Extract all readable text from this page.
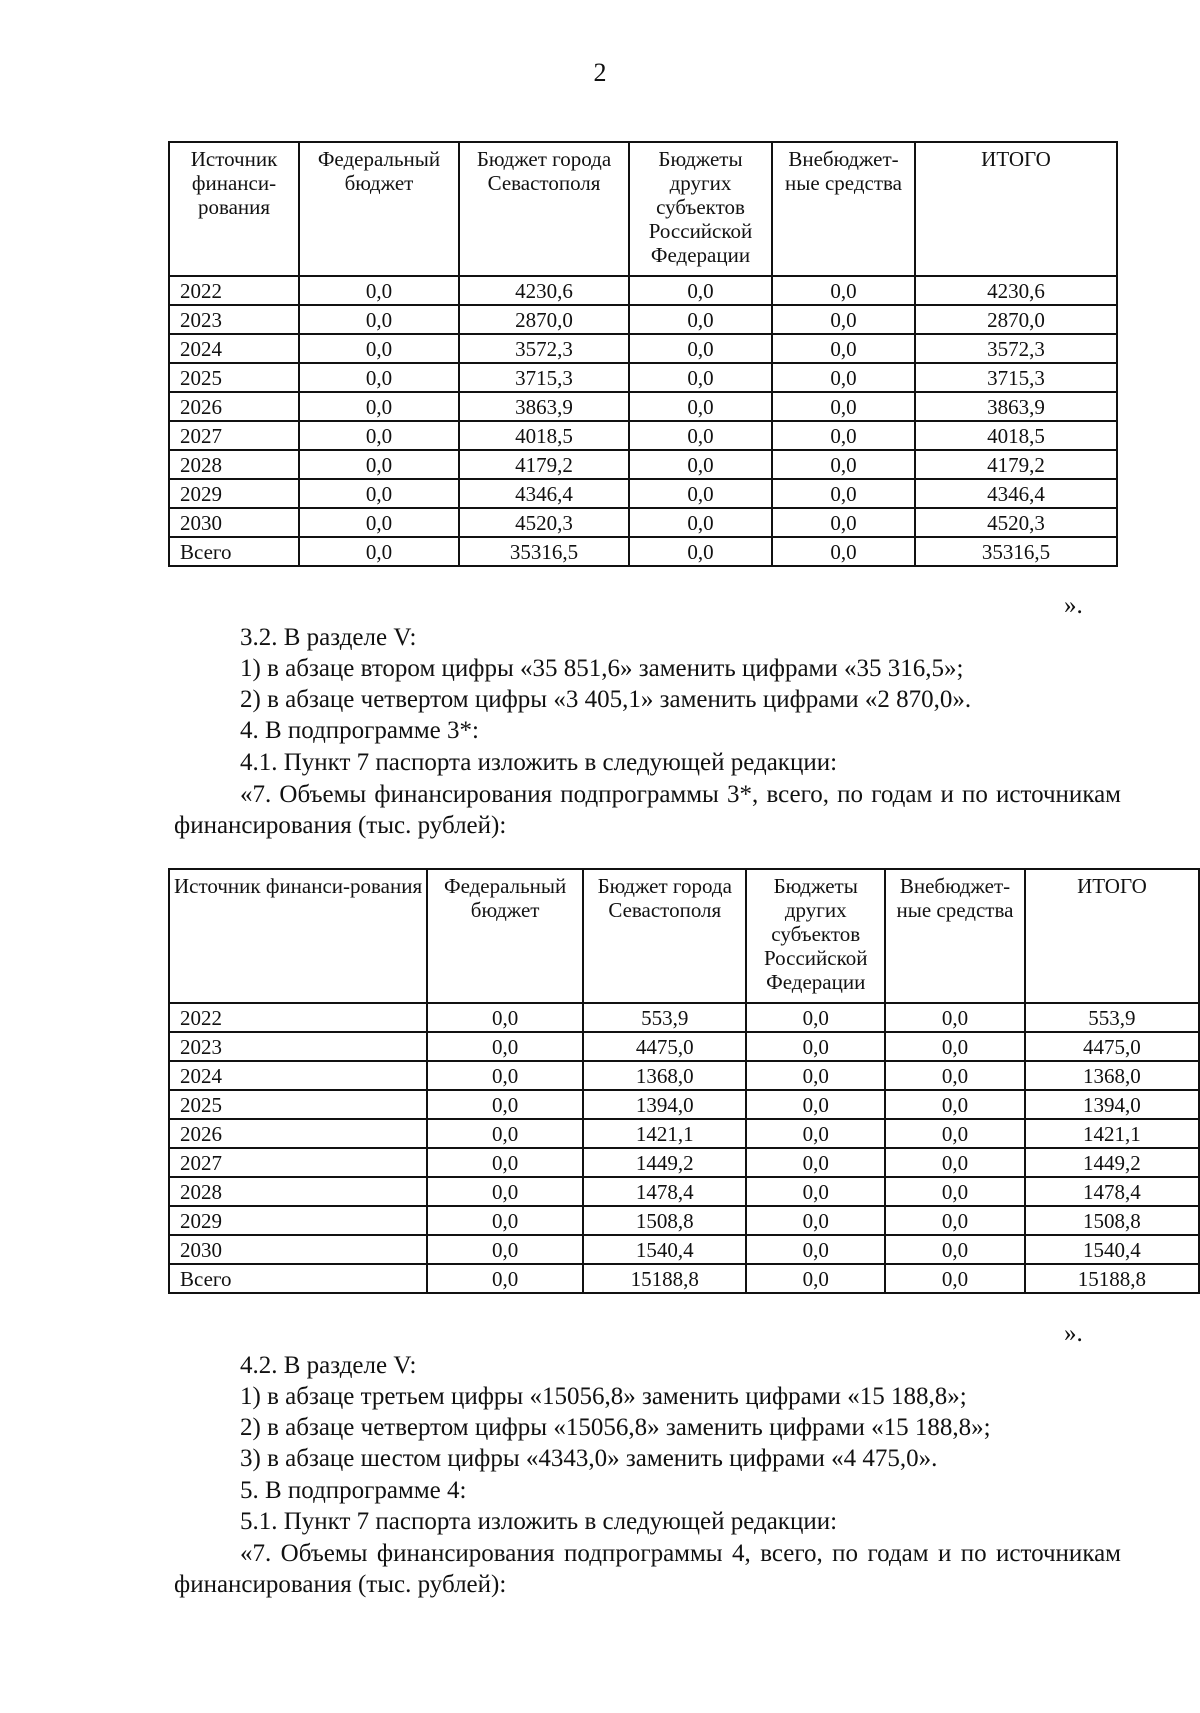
2
Источник финанси-рования	Федеральный бюджет	Бюджет города Севастополя	Бюджеты других субъектов Российской Федерации	Внебюджет-ные средства	ИТОГО

2022	0,0	4230,6	0,0	0,0	4230,6
2023	0,0	2870,0	0,0	0,0	2870,0
2024	0,0	3572,3	0,0	0,0	3572,3
2025	0,0	3715,3	0,0	0,0	3715,3
2026	0,0	3863,9	0,0	0,0	3863,9
2027	0,0	4018,5	0,0	0,0	4018,5
2028	0,0	4179,2	0,0	0,0	4179,2
2029	0,0	4346,4	0,0	0,0	4346,4
2030	0,0	4520,3	0,0	0,0	4520,3
Всего	0,0	35316,5	0,0	0,0	35316,5
».
3.2. В разделе V:
1) в абзаце втором цифры «35 851,6» заменить цифрами «35 316,5»;
2) в абзаце четвертом цифры «3 405,1» заменить цифрами «2 870,0».
4. В подпрограмме 3*:
4.1. Пункт 7 паспорта изложить в следующей редакции:
«7. Объемы финансирования подпрограммы 3*, всего, по годам и по источникам финансирования (тыс. рублей):
Источник финанси-рования	Федеральный бюджет	Бюджет города Севастополя	Бюджеты других субъектов Российской Федерации	Внебюджет-ные средства	ИТОГО

2022	0,0	553,9	0,0	0,0	553,9
2023	0,0	4475,0	0,0	0,0	4475,0
2024	0,0	1368,0	0,0	0,0	1368,0
2025	0,0	1394,0	0,0	0,0	1394,0
2026	0,0	1421,1	0,0	0,0	1421,1
2027	0,0	1449,2	0,0	0,0	1449,2
2028	0,0	1478,4	0,0	0,0	1478,4
2029	0,0	1508,8	0,0	0,0	1508,8
2030	0,0	1540,4	0,0	0,0	1540,4
Всего	0,0	15188,8	0,0	0,0	15188,8
».
4.2. В разделе V:
1) в абзаце третьем цифры «15056,8» заменить цифрами «15 188,8»;
2) в абзаце четвертом цифры «15056,8» заменить цифрами «15 188,8»;
3) в абзаце шестом цифры «4343,0» заменить цифрами «4 475,0».
5. В подпрограмме 4:
5.1. Пункт 7 паспорта изложить в следующей редакции:
«7. Объемы финансирования подпрограммы 4, всего, по годам и по источникам финансирования (тыс. рублей):
